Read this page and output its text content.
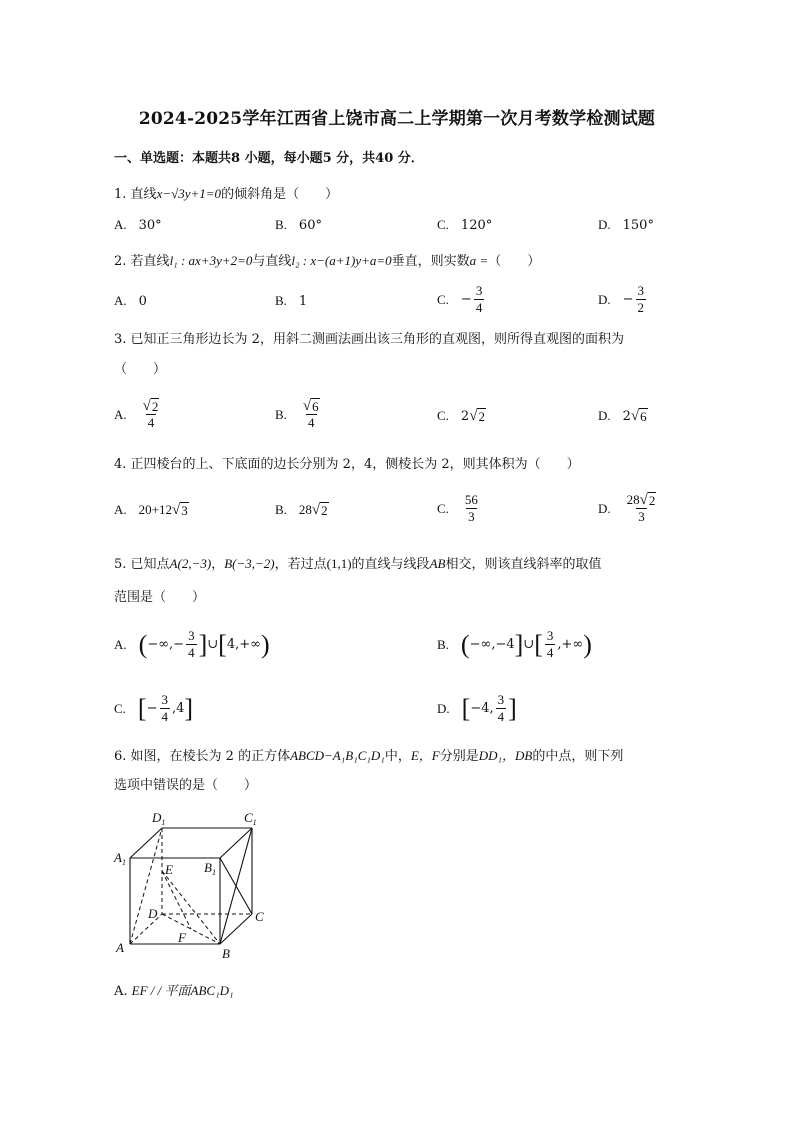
2024-2025学年江西省上饶市高二上学期第一次月考数学检测试题
一、单选题：本题共8 小题，每小题5 分，共40 分．
1. 直线x−√3y+1=0的倾斜角是（　　）
A. 30°	B. 60°	C. 120°	D. 150°
2. 若直线l₁ : ax+3y+2=0与直线l₂ : x−(a+1)y+a=0垂直，则实数a =（　　）
A. 0	B. 1	C. − $\frac{3}{4}$	D. − $\frac{3}{2}$
3. 已知正三角形边长为 2，用斜二测画法画出该三角形的直观图，则所得直观图的面积为
（　　）
A. $\frac{√ 2}{4}$	B. $\frac{√ 6}{4}$	C. 2 √ 2	D. 2 √ 6
4. 正四棱台的上、下底面的边长分别为 2，4，侧棱长为 2，则其体积为（　　）
A. 20+12 √ 3	B. 28 √ 2	C. $\frac{56}{3}$	D. $\frac{28 √ 2}{3}$
5. 已知点A(2,−3)，B(−3,−2)，若过点(1,1)的直线与线段AB相交，则该直线斜率的取值
范围是（　　）
A. ( −∞,− $\frac{3}{4}$ ] ∪ [ 4,+∞ )	B. ( −∞,−4 ] ∪ [ $\frac{3}{4}$ ,+∞ )
C. [ − $\frac{3}{4} ,4$ ]	D. [ −4, $\frac{3}{4}$ ]
6. 如图，在棱长为 2 的正方体ABCD−A₁B₁C₁D₁中，E，F分别是DD₁，DB的中点，则下列
选项中错误的是（　　）
$D_1$	$C_1$
$A_1$	$B_1$
E
D	C
F
A	B
A. EF / / 平面ABC₁D₁
